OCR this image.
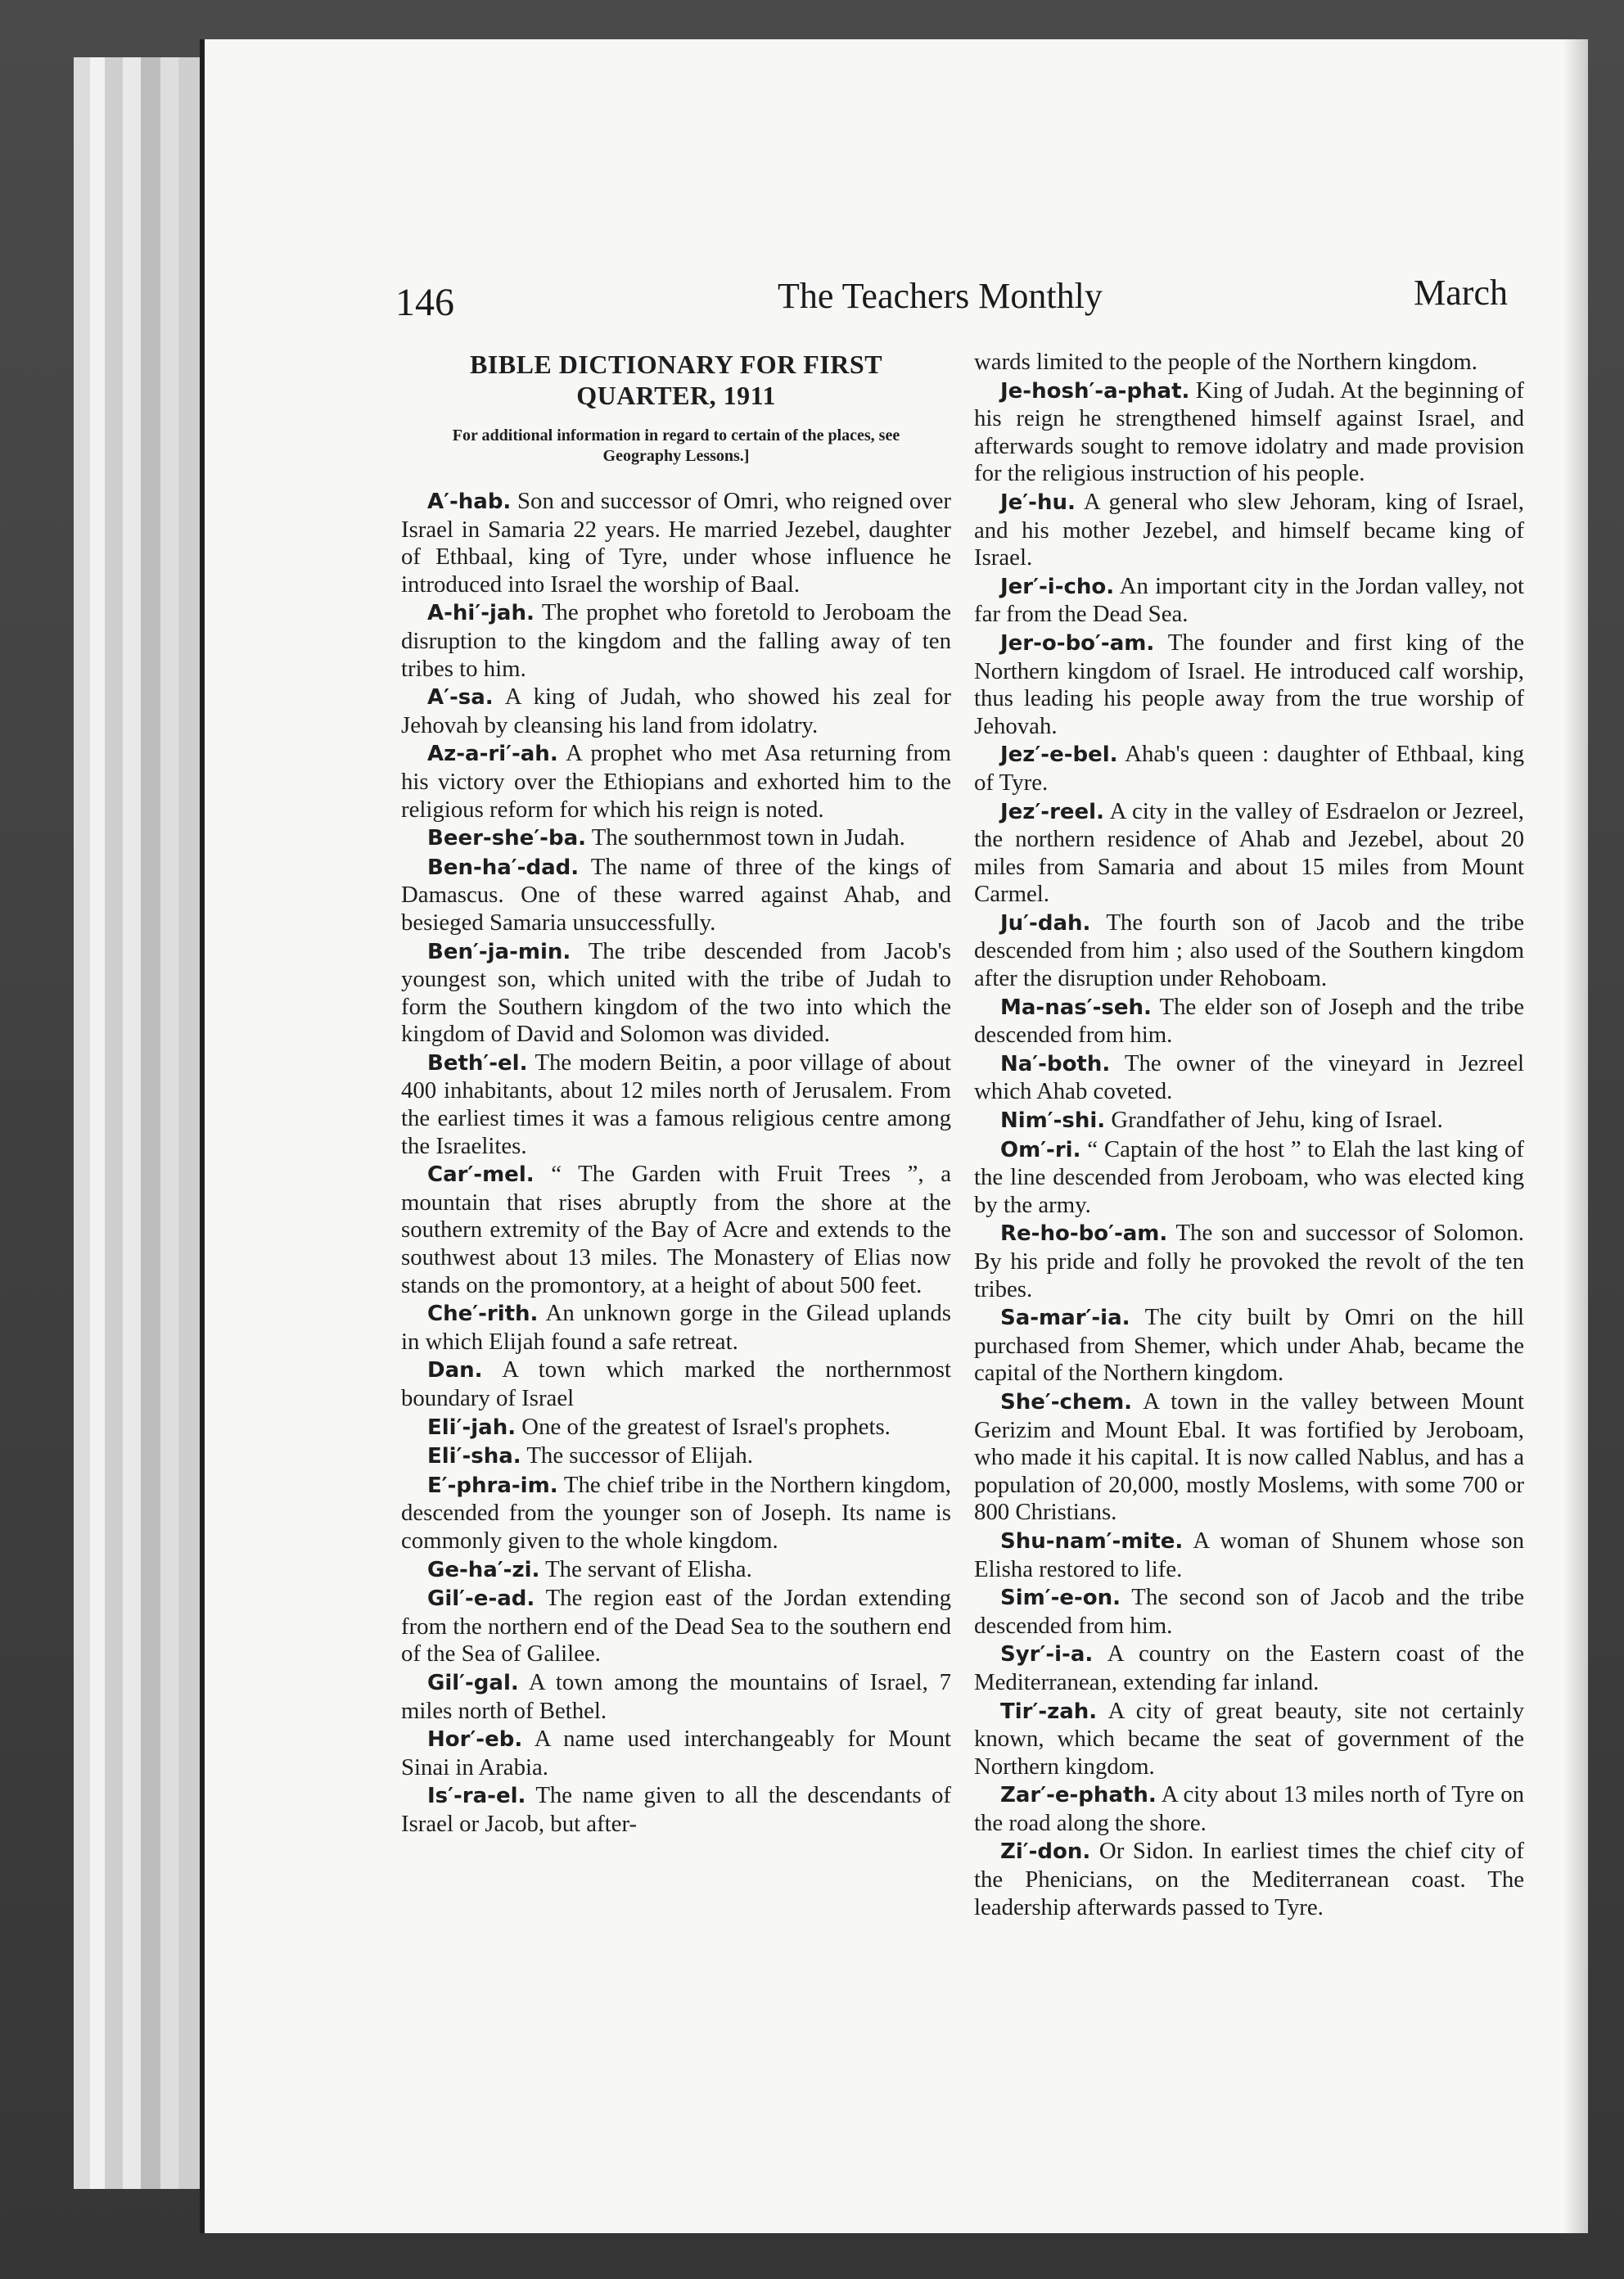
146	The Teachers Monthly	March
BIBLE DICTIONARY FOR FIRST
QUARTER, 1911
For additional information in regard to certain of the places, see Geography Lessons.]
A′-hab. Son and successor of Omri, who reigned over Israel in Samaria 22 years. He married Jezebel, daughter of Ethbaal, king of Tyre, under whose influence he introduced into Israel the worship of Baal.
A-hi′-jah. The prophet who foretold to Jeroboam the disruption to the kingdom and the falling away of ten tribes to him.
A′-sa. A king of Judah, who showed his zeal for Jehovah by cleansing his land from idolatry.
Az-a-ri′-ah. A prophet who met Asa returning from his victory over the Ethiopians and exhorted him to the religious reform for which his reign is noted.
Beer-she′-ba. The southernmost town in Judah.
Ben-ha′-dad. The name of three of the kings of Damascus. One of these warred against Ahab, and besieged Samaria unsuccessfully.
Ben′-ja-min. The tribe descended from Jacob's youngest son, which united with the tribe of Judah to form the Southern kingdom of the two into which the kingdom of David and Solomon was divided.
Beth′-el. The modern Beitin, a poor village of about 400 inhabitants, about 12 miles north of Jerusalem. From the earliest times it was a famous religious centre among the Israelites.
Car′-mel. “ The Garden with Fruit Trees ”, a mountain that rises abruptly from the shore at the southern extremity of the Bay of Acre and extends to the southwest about 13 miles. The Monastery of Elias now stands on the promontory, at a height of about 500 feet.
Che′-rith. An unknown gorge in the Gilead uplands in which Elijah found a safe retreat.
Dan. A town which marked the northernmost boundary of Israel
Eli′-jah. One of the greatest of Israel's prophets.
Eli′-sha. The successor of Elijah.
E′-phra-im. The chief tribe in the Northern kingdom, descended from the younger son of Joseph. Its name is commonly given to the whole kingdom.
Ge-ha′-zi. The servant of Elisha.
Gil′-e-ad. The region east of the Jordan extending from the northern end of the Dead Sea to the southern end of the Sea of Galilee.
Gil′-gal. A town among the mountains of Israel, 7 miles north of Bethel.
Hor′-eb. A name used interchangeably for Mount Sinai in Arabia.
Is′-ra-el. The name given to all the descendants of Israel or Jacob, but after-
wards limited to the people of the Northern kingdom.
Je-hosh′-a-phat. King of Judah. At the beginning of his reign he strengthened himself against Israel, and afterwards sought to remove idolatry and made provision for the religious instruction of his people.
Je′-hu. A general who slew Jehoram, king of Israel, and his mother Jezebel, and himself became king of Israel.
Jer′-i-cho. An important city in the Jordan valley, not far from the Dead Sea.
Jer-o-bo′-am. The founder and first king of the Northern kingdom of Israel. He introduced calf worship, thus leading his people away from the true worship of Jehovah.
Jez′-e-bel. Ahab's queen : daughter of Ethbaal, king of Tyre.
Jez′-reel. A city in the valley of Esdraelon or Jezreel, the northern residence of Ahab and Jezebel, about 20 miles from Samaria and about 15 miles from Mount Carmel.
Ju′-dah. The fourth son of Jacob and the tribe descended from him ; also used of the Southern kingdom after the disruption under Rehoboam.
Ma-nas′-seh. The elder son of Joseph and the tribe descended from him.
Na′-both. The owner of the vineyard in Jezreel which Ahab coveted.
Nim′-shi. Grandfather of Jehu, king of Israel.
Om′-ri. “ Captain of the host ” to Elah the last king of the line descended from Jeroboam, who was elected king by the army.
Re-ho-bo′-am. The son and successor of Solomon. By his pride and folly he provoked the revolt of the ten tribes.
Sa-mar′-ia. The city built by Omri on the hill purchased from Shemer, which under Ahab, became the capital of the Northern kingdom.
She′-chem. A town in the valley between Mount Gerizim and Mount Ebal. It was fortified by Jeroboam, who made it his capital. It is now called Nablus, and has a population of 20,000, mostly Moslems, with some 700 or 800 Christians.
Shu-nam′-mite. A woman of Shunem whose son Elisha restored to life.
Sim′-e-on. The second son of Jacob and the tribe descended from him.
Syr′-i-a. A country on the Eastern coast of the Mediterranean, extending far inland.
Tir′-zah. A city of great beauty, site not certainly known, which became the seat of government of the Northern kingdom.
Zar′-e-phath. A city about 13 miles north of Tyre on the road along the shore.
Zi′-don. Or Sidon. In earliest times the chief city of the Phenicians, on the Mediterranean coast. The leadership afterwards passed to Tyre.
